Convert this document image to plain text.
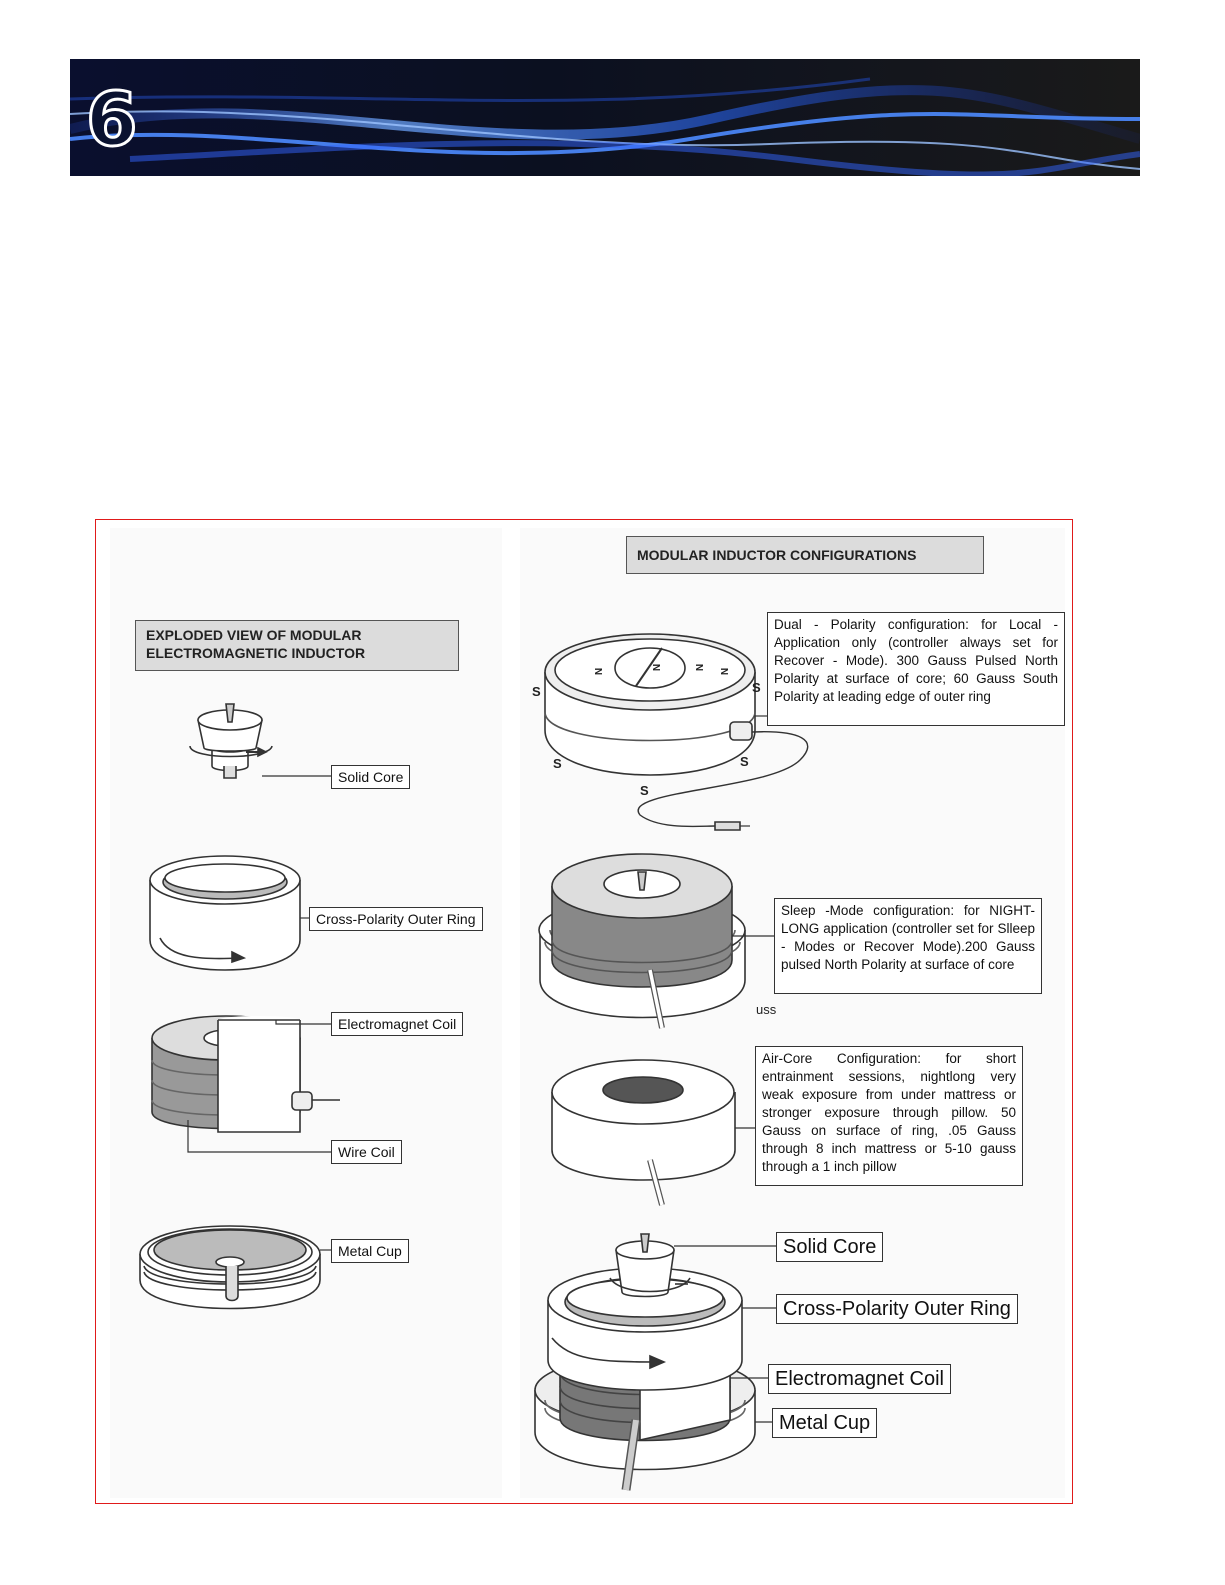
6
EXPLODED VIEW OF MODULAR ELECTROMAGNETIC INDUCTOR
Solid Core
Cross-Polarity Outer Ring
Electromagnet Coil
Wire Coil
Metal Cup
MODULAR INDUCTOR CONFIGURATIONS
Dual - Polarity configuration: for Local - Application only (controller always set for Recover - Mode). 300 Gauss Pulsed North Polarity at surface of core; 60 Gauss South Polarity at leading edge of outer ring
Sleep -Mode configuration: for NIGHT-LONG application (controller set for Slleep - Modes or Recover Mode).200 Gauss pulsed North Polarity at surface of core
uss
Air-Core Configuration: for short entrainment sessions, nightlong very weak exposure from under mattress or stronger exposure through pillow. 50 Gauss on surface of ring, .05 Gauss through 8 inch mattress or 5-10 gauss through a 1 inch pillow
S	S
S	S
S
N
N
N
N
Solid Core
Cross-Polarity Outer Ring
Electromagnet Coil
Metal Cup
